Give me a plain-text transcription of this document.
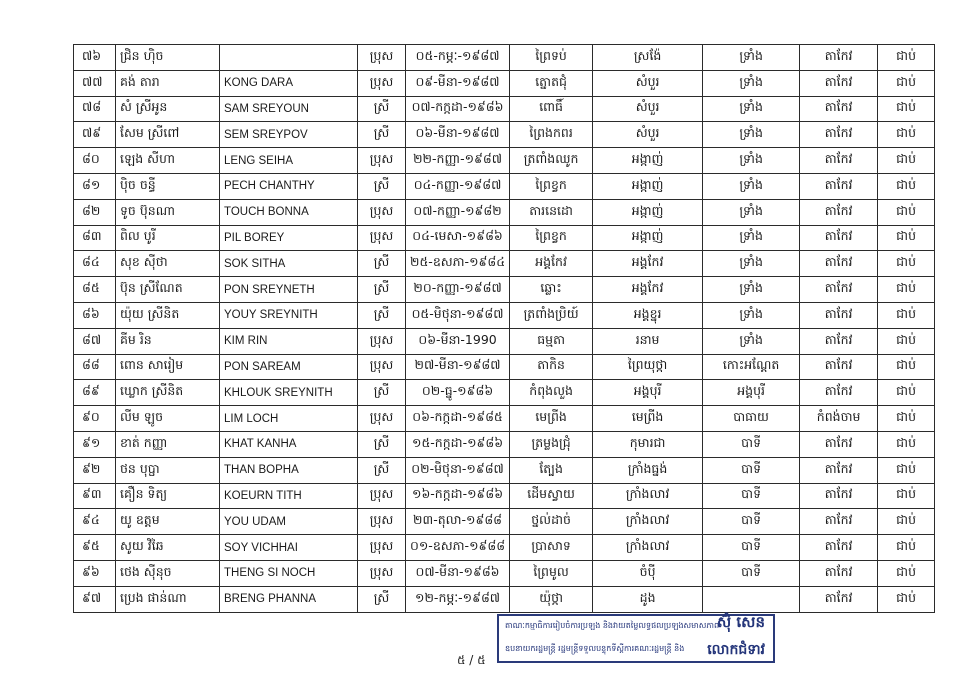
៧៦	ជ្រិន ហ៊ិច		ប្រុស	០៥-កម្ភៈ-១៩៨៧	ព្រៃទប់	ស្រង៉ែ	ទ្រាំង	តាកែវ	ជាប់
៧៧	គង់ តារា	KONG DARA	ប្រុស	០៩-មីនា-១៩៨៧	ត្នោតជុំ	សំបួរ	ទ្រាំង	តាកែវ	ជាប់
៧៨	សំ ស្រីអូន	SAM SREYOUN	ស្រី	០៧-កក្កដា-១៩៨៦	ពោធិ៍	សំបួរ	ទ្រាំង	តាកែវ	ជាប់
៧៩	សែម ស្រីពៅ	SEM SREYPOV	ស្រី	០៦-មីនា-១៩៨៧	ព្រៃងកពរ	សំបួរ	ទ្រាំង	តាកែវ	ជាប់
៨០	ឡេង សីហា	LENG SEIHA	ប្រុស	២២-កញ្ញា-១៩៨៧	ត្រពាំងឈូក	អង្កាញ់	ទ្រាំង	តាកែវ	ជាប់
៨១	ប៉ិច ចន្ធី	PECH CHANTHY	ស្រី	០៤-កញ្ញា-១៩៨៧	ព្រៃខ្វក	អង្កាញ់	ទ្រាំង	តាកែវ	ជាប់
៨២	ទូច ប៊ុនណា	TOUCH BONNA	ប្រុស	០៧-កញ្ញា-១៩៨២	តារនេដោ	អង្កាញ់	ទ្រាំង	តាកែវ	ជាប់
៨៣	ពិល បូរី	PIL BOREY	ប្រុស	០៤-មេសា-១៩៨៦	ព្រៃខ្វក	អង្កាញ់	ទ្រាំង	តាកែវ	ជាប់
៨៤	សុខ ស៊ីថា	SOK SITHA	ស្រី	២៥-ឧសភា-១៩៨៤	អង្គកែវ	អង្គកែវ	ទ្រាំង	តាកែវ	ជាប់
៨៥	ប៊ុន ស្រីណែត	PON SREYNETH	ស្រី	២០-កញ្ញា-១៩៨៧	ឆ្លោះ	អង្គកែវ	ទ្រាំង	តាកែវ	ជាប់
៨៦	យ៉ុយ ស្រីនិត	YOUY SREYNITH	ស្រី	០៥-មិថុនា-១៩៨៧	ត្រពាំងប្រិយ៍	អង្គខ្នុរ	ទ្រាំង	តាកែវ	ជាប់
៨៧	គីម រិន	KIM RIN	ប្រុស	០៦-មីនា-1990	ធម្មតា	រនាម	ទ្រាំង	តាកែវ	ជាប់
៨៨	ពោន សារៀម	PON SAREAM	ប្រុស	២៧-មីនា-១៩៨៧	តាកិន	ព្រៃយុថ្កា	កោះអណ្តែត	តាកែវ	ជាប់
៨៩	ឃ្លោក ស្រីនិត	KHLOUK SREYNITH	ស្រី	០២-ធ្នូ-១៩៨៦	កំពុងលួង	អង្គបុរី	អង្គបុរី	តាកែវ	ជាប់
៩០	លីម ឡូច	LIM LOCH	ប្រុស	០៦-កក្កដា-១៩៨៥	មេព្រីង	មេព្រីង	បាធាយ	កំពង់ចាម	ជាប់
៩១	ខាត់ កញ្ញា	KHAT KANHA	ស្រី	១៥-កក្កដា-១៩៨៦	ត្រម្លងជ្រុំ	កុមារជា	បាទី	តាកែវ	ជាប់
៩២	ថន បុប្ផា	THAN BOPHA	ស្រី	០២-មិថុនា-១៩៨៧	ត្បែង	ក្រាំងធ្នង់	បាទី	តាកែវ	ជាប់
៩៣	គឿន ទិត្យ	KOEURN TITH	ប្រុស	១៦-កក្កដា-១៩៨៦	ដើមស្វាយ	ក្រាំងលាវ	បាទី	តាកែវ	ជាប់
៩៤	យូ ឧត្តម	YOU UDAM	ប្រុស	២៣-តុលា-១៩៨៨	ថ្នល់ដាច់	ក្រាំងលាវ	បាទី	តាកែវ	ជាប់
៩៥	សូយ វិឆៃ	SOY VICHHAI	ប្រុស	០១-ឧសភា-១៩៨៨	ប្រាសាទ	ក្រាំងលាវ	បាទី	តាកែវ	ជាប់
៩៦	ថេង ស៊ីនុច	THENG SI NOCH	ប្រុស	០៧-មីនា-១៩៨៦	ព្រៃមូល	ចំបុី	បាទី	តាកែវ	ជាប់
៩៧	ប្រេង ផាន់ណា	BRENG PHANNA	ស្រី	១២-កម្ភៈ-១៩៨៧	យ៉ុថ្កា	ដូង		តាកែវ	ជាប់
តាណៈកម្មាធិការរៀបចំការប្រឡង និងវាយតម្លៃលទ្ធផលប្រឡងសមាសភាព
ស៊ុំ សេន
ឧបនាយករដ្ឋមន្ត្រី រដ្ឋមន្ត្រីទទួលបន្ទុកទីស្តីការគណៈរដ្ឋមន្ត្រី និង លោកជំទាវ
៥ / ៥
